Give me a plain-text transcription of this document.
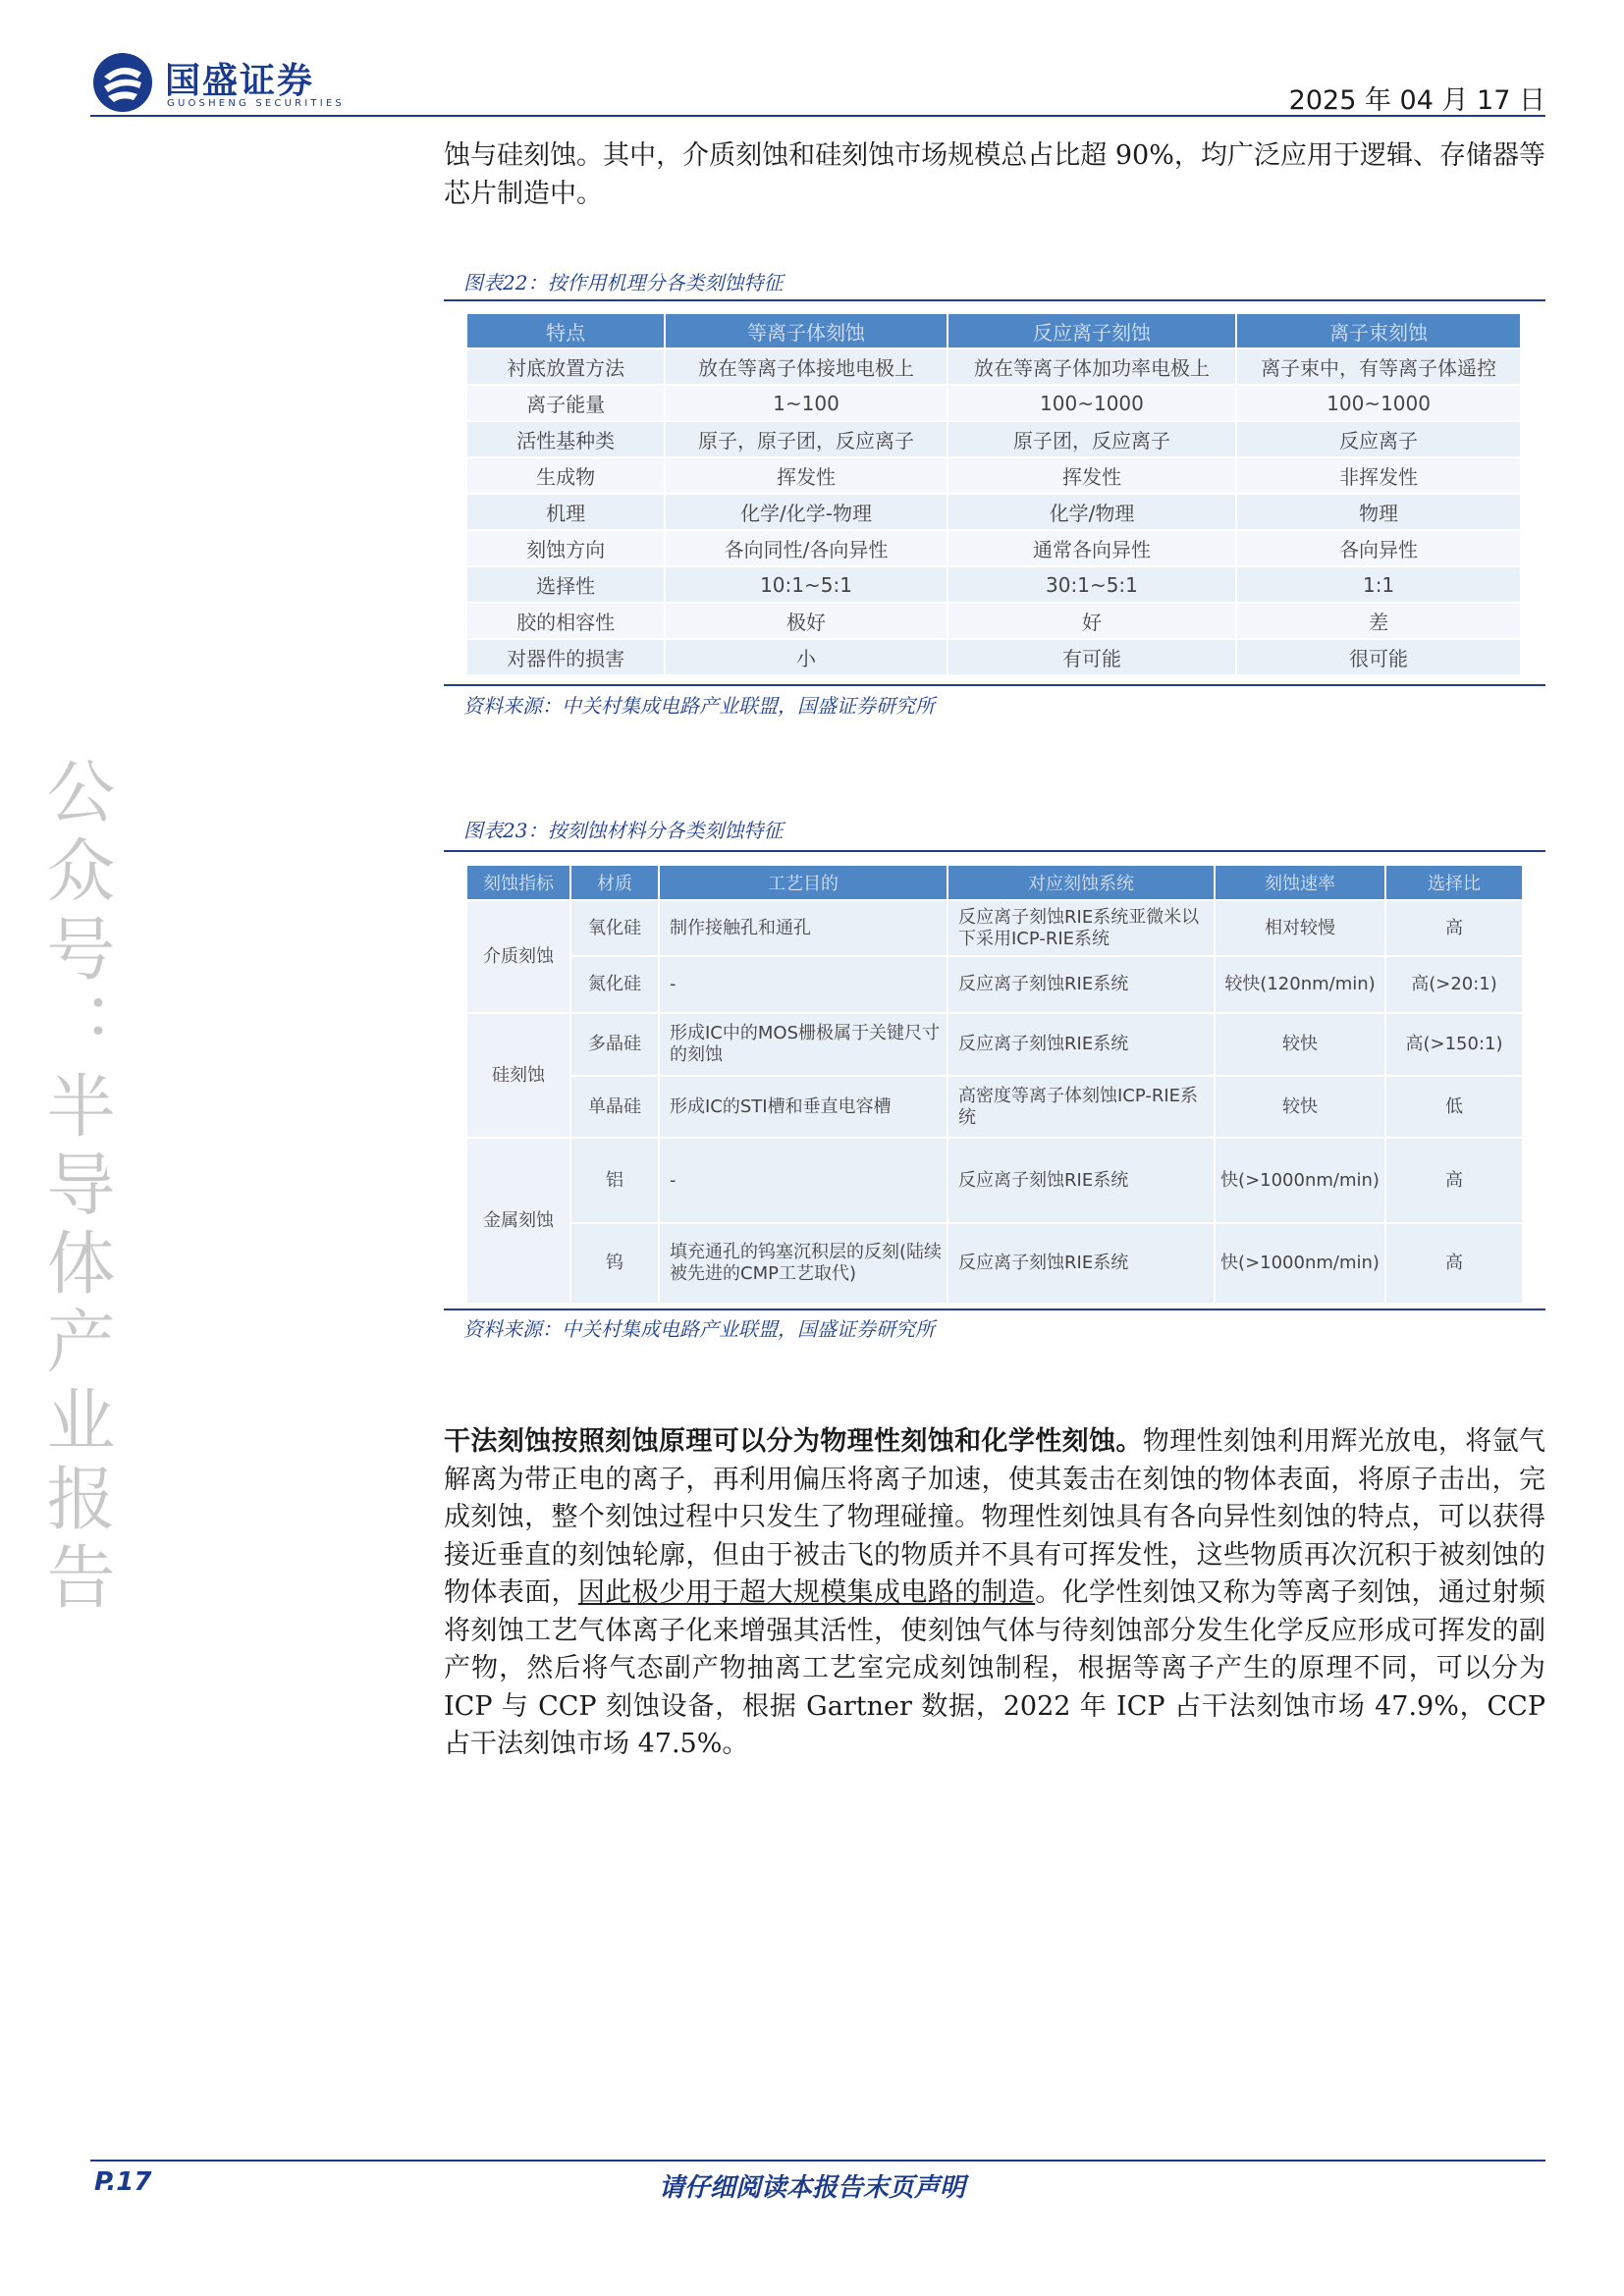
国盛证券
GUOSHENG SECURITIES	2025 年 04 月 17 日
公众号：半导体产业报告
蚀与硅刻蚀。其中，介质刻蚀和硅刻蚀市场规模总占比超 90%，均广泛应用于逻辑、存储器等芯片制造中。
图表22：按作用机理分各类刻蚀特征
特点	等离子体刻蚀	反应离子刻蚀	离子束刻蚀
衬底放置方法	放在等离子体接地电极上	放在等离子体加功率电极上	离子束中，有等离子体遥控
离子能量	1~100	100~1000	100~1000
活性基种类	原子，原子团，反应离子	原子团，反应离子	反应离子
生成物	挥发性	挥发性	非挥发性
机理	化学/化学-物理	化学/物理	物理
刻蚀方向	各向同性/各向异性	通常各向异性	各向异性
选择性	10:1~5:1	30:1~5:1	1:1
胶的相容性	极好	好	差
对器件的损害	小	有可能	很可能
资料来源：中关村集成电路产业联盟，国盛证券研究所
图表23：按刻蚀材料分各类刻蚀特征
刻蚀指标	材质	工艺目的	对应刻蚀系统	刻蚀速率	选择比
介质刻蚀	氧化硅	制作接触孔和通孔	反应离子刻蚀RIE系统亚微米以下采用ICP-RIE系统	相对较慢	高
	氮化硅	-	反应离子刻蚀RIE系统	较快(120nm/min)	高(>20:1)
硅刻蚀	多晶硅	形成IC中的MOS栅极属于关键尺寸的刻蚀	反应离子刻蚀RIE系统	较快	高(>150:1)
	单晶硅	形成IC的STI槽和垂直电容槽	高密度等离子体刻蚀ICP-RIE系统	较快	低
金属刻蚀	铝	-	反应离子刻蚀RIE系统	快(>1000nm/min)	高
	钨	填充通孔的钨塞沉积层的反刻(陆续被先进的CMP工艺取代)	反应离子刻蚀RIE系统	快(>1000nm/min)	高
资料来源：中关村集成电路产业联盟，国盛证券研究所
干法刻蚀按照刻蚀原理可以分为物理性刻蚀和化学性刻蚀。物理性刻蚀利用辉光放电，将氩气解离为带正电的离子，再利用偏压将离子加速，使其轰击在刻蚀的物体表面，将原子击出，完成刻蚀，整个刻蚀过程中只发生了物理碰撞。物理性刻蚀具有各向异性刻蚀的特点，可以获得接近垂直的刻蚀轮廓，但由于被击飞的物质并不具有可挥发性，这些物质再次沉积于被刻蚀的物体表面，因此极少用于超大规模集成电路的制造。化学性刻蚀又称为等离子刻蚀，通过射频将刻蚀工艺气体离子化来增强其活性，使刻蚀气体与待刻蚀部分发生化学反应形成可挥发的副产物，然后将气态副产物抽离工艺室完成刻蚀制程，根据等离子产生的原理不同，可以分为 ICP 与 CCP 刻蚀设备，根据 Gartner 数据，2022 年 ICP 占干法刻蚀市场 47.9%，CCP 占干法刻蚀市场 47.5%。
请仔细阅读本报告末页声明
P.17
